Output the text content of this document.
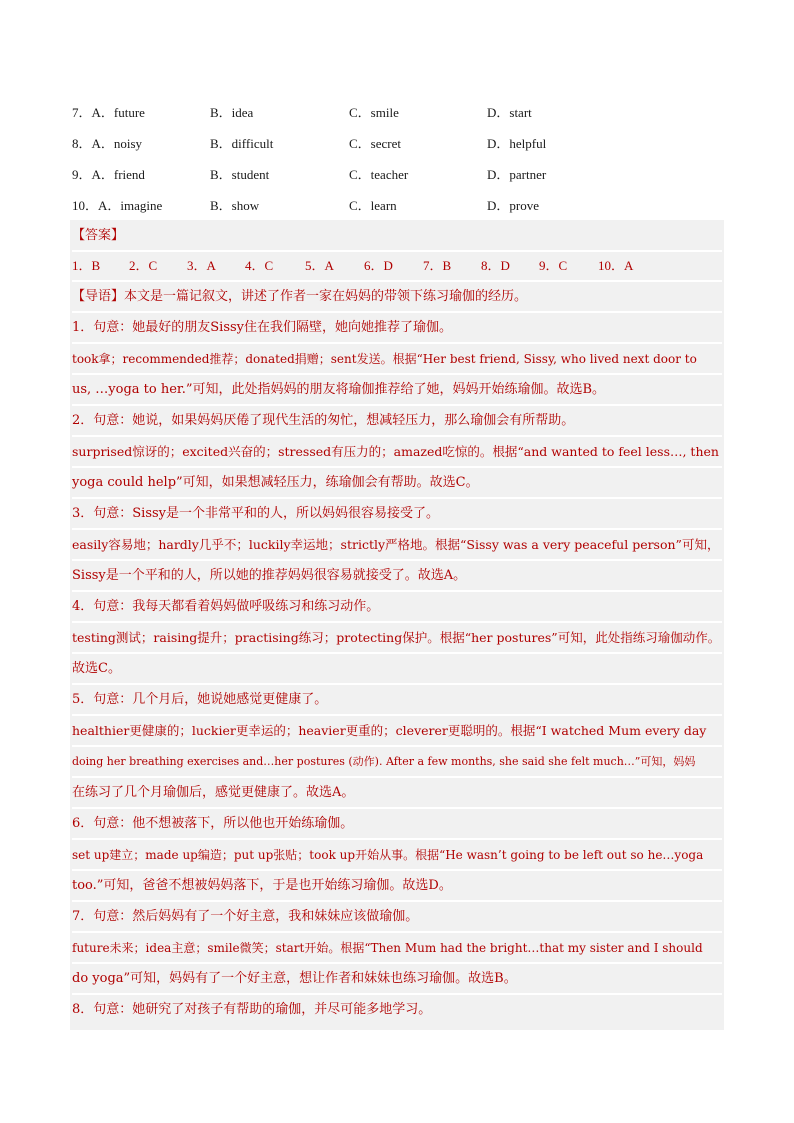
7．A．future	B．idea	C．smile	D．start
8．A．noisy	B．difficult	C．secret	D．helpful
9．A．friend	B．student	C．teacher	D．partner
10．A．imagine	B．show	C．learn	D．prove
【答案】
1．B 2．C 3．A 4．C 5．A 6．D 7．B 8．D 9．C 10．A
【导语】本文是一篇记叙文，讲述了作者一家在妈妈的带领下练习瑜伽的经历。
1．句意：她最好的朋友Sissy住在我们隔壁，她向她推荐了瑜伽。
took拿；recommended推荐；donated捐赠；sent发送。根据“Her best friend, Sissy, who lived next door to
us, …yoga to her.”可知，此处指妈妈的朋友将瑜伽推荐给了她，妈妈开始练瑜伽。故选B。
2．句意：她说，如果妈妈厌倦了现代生活的匆忙，想减轻压力，那么瑜伽会有所帮助。
surprised惊讶的；excited兴奋的；stressed有压力的；amazed吃惊的。根据“and wanted to feel less…, then
yoga could help”可知，如果想减轻压力，练瑜伽会有帮助。故选C。
3．句意：Sissy是一个非常平和的人，所以妈妈很容易接受了。
easily容易地；hardly几乎不；luckily幸运地；strictly严格地。根据“Sissy was a very peaceful person”可知，
Sissy是一个平和的人，所以她的推荐妈妈很容易就接受了。故选A。
4．句意：我每天都看着妈妈做呼吸练习和练习动作。
testing测试；raising提升；practising练习；protecting保护。根据“her postures”可知，此处指练习瑜伽动作。
故选C。
5．句意：几个月后，她说她感觉更健康了。
healthier更健康的；luckier更幸运的；heavier更重的；cleverer更聪明的。根据“I watched Mum every day
doing her breathing exercises and…her postures (动作). After a few months, she said she felt much…”可知，妈妈
在练习了几个月瑜伽后，感觉更健康了。故选A。
6．句意：他不想被落下，所以他也开始练瑜伽。
set up建立；made up编造；put up张贴；took up开始从事。根据“He wasn’t going to be left out so he…yoga
too.”可知，爸爸不想被妈妈落下，于是也开始练习瑜伽。故选D。
7．句意：然后妈妈有了一个好主意，我和妹妹应该做瑜伽。
future未来；idea主意；smile微笑；start开始。根据“Then Mum had the bright…that my sister and I should
do yoga”可知，妈妈有了一个好主意，想让作者和妹妹也练习瑜伽。故选B。
8．句意：她研究了对孩子有帮助的瑜伽，并尽可能多地学习。
